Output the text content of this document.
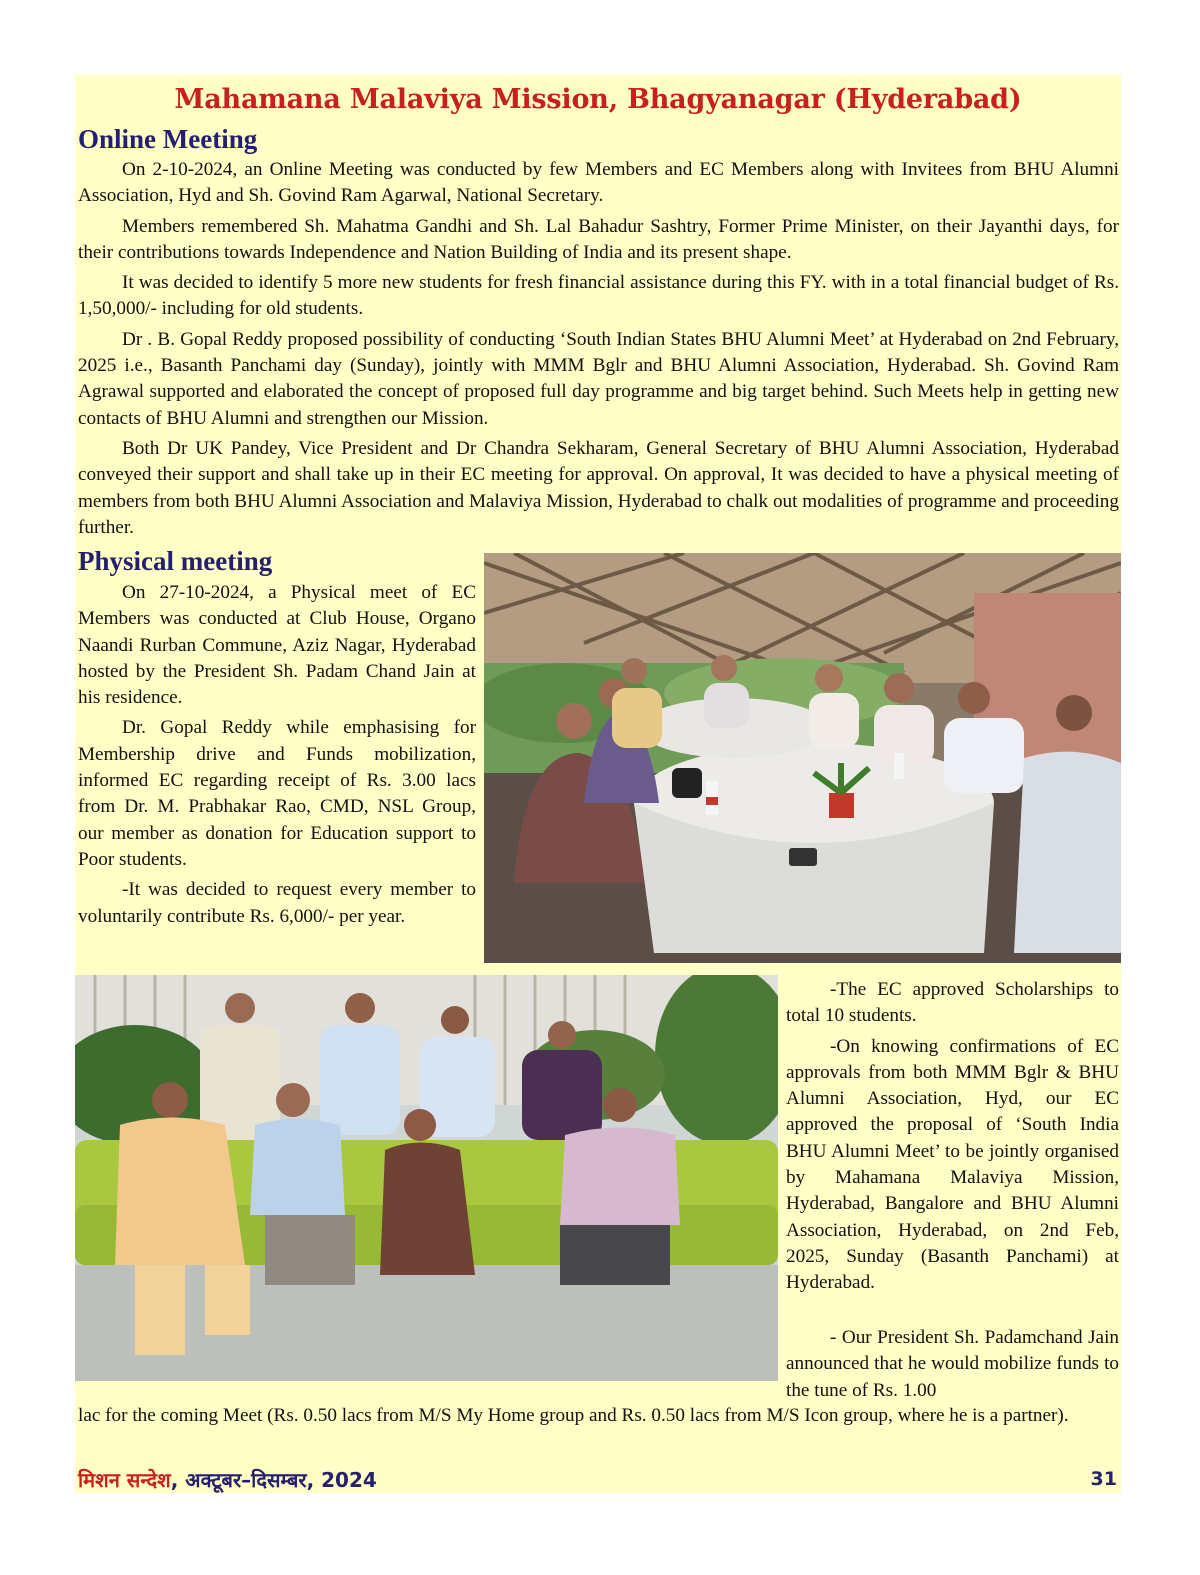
Mahamana Malaviya Mission, Bhagyanagar (Hyderabad)
Online Meeting

On 2-10-2024, an Online Meeting was conducted by few Members and EC Members along with Invitees from BHU Alumni Association, Hyd and Sh. Govind Ram Agarwal, National Secretary.

Members remembered Sh. Mahatma Gandhi and Sh. Lal Bahadur Sashtry, Former Prime Minister, on their Jayanthi days, for their contributions towards Independence and Nation Building of India and its present shape.

It was decided to identify 5 more new students for fresh financial assistance during this FY. with in a total financial budget of Rs. 1,50,000/- including for old students.

Dr . B. Gopal Reddy proposed possibility of conducting ‘South Indian States BHU Alumni Meet’ at Hyderabad on 2nd February, 2025 i.e., Basanth Panchami day (Sunday), jointly with MMM Bglr and BHU Alumni Association, Hyderabad. Sh. Govind Ram Agrawal supported and elaborated the concept of proposed full day programme and big target behind. Such Meets help in getting new contacts of BHU Alumni and strengthen our Mission.

Both Dr UK Pandey, Vice President and Dr Chandra Sekharam, General Secretary of BHU Alumni Association, Hyderabad conveyed their support and shall take up in their EC meeting for approval. On approval, It was decided to have a physical meeting of members from both BHU Alumni Association and Malaviya Mission, Hyderabad to chalk out modalities of programme and proceeding further.

Physical meeting

On 27-10-2024, a Physical meet of EC Members was conducted at Club House, Organo Naandi Rurban Commune, Aziz Nagar, Hyderabad hosted by the President Sh. Padam Chand Jain at his residence.

Dr. Gopal Reddy while emphasising for Membership drive and Funds mobilization, informed EC regarding receipt of Rs. 3.00 lacs from Dr. M. Prabhakar Rao, CMD, NSL Group, our member as donation for Education support to Poor students.

-It was decided to request every member to voluntarily contribute Rs. 6,000/- per year.

-The EC approved Scholarships to total 10 students.

-On knowing confirmations of EC approvals from both MMM Bglr & BHU Alumni Association, Hyd, our EC approved the proposal of ‘South India BHU Alumni Meet’ to be jointly organised by Mahamana Malaviya Mission, Hyderabad, Bangalore and BHU Alumni Association, Hyderabad, on 2nd Feb, 2025, Sunday (Basanth Panchami) at Hyderabad.

- Our President Sh. Padamchand Jain announced that he would mobilize funds to the tune of Rs. 1.00

lac for the coming Meet (Rs. 0.50 lacs from M/S My Home group and Rs. 0.50 lacs from M/S Icon group, where he is a partner).

मिशन सन्देश, अक्टूबर–दिसम्बर, 2024	31
